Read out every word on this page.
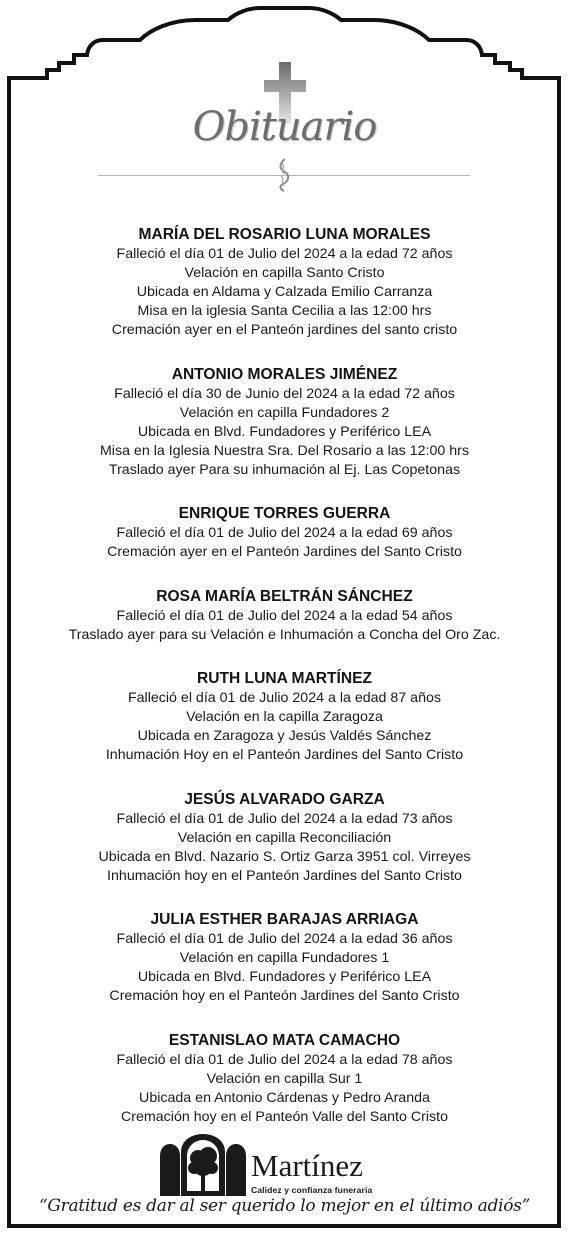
Obituario
MARÍA DEL ROSARIO LUNA MORALES
Falleció el día 01 de Julio del 2024 a la edad 72 años
Velación en capilla Santo Cristo
Ubicada en Aldama y Calzada Emilio Carranza
Misa en la iglesia Santa Cecilia a las 12:00 hrs
Cremación ayer en el Panteón jardines del santo cristo
ANTONIO MORALES JIMÉNEZ
Falleció el día 30 de Junio del 2024 a la edad 72 años
Velación en capilla Fundadores 2
Ubicada en Blvd. Fundadores y Periférico LEA
Misa en la Iglesia Nuestra Sra. Del Rosario a las 12:00 hrs
Traslado ayer Para su inhumación al Ej. Las Copetonas
ENRIQUE TORRES GUERRA
Falleció el día 01 de Julio del 2024 a la edad 69 años
Cremación ayer en el Panteón Jardines del Santo Cristo
ROSA MARÍA BELTRÁN SÁNCHEZ
Falleció el día 01 de Julio del 2024 a la edad 54 años
Traslado ayer para su Velación e Inhumación a Concha del Oro Zac.
RUTH LUNA MARTÍNEZ
Falleció el día 01 de Julio 2024 a la edad 87 años
Velación en la capilla Zaragoza
Ubicada en Zaragoza y Jesús Valdés Sánchez
Inhumación Hoy en el Panteón Jardines del Santo Cristo
JESÚS ALVARADO GARZA
Falleció el día 01 de Julio del 2024 a la edad 73 años
Velación en capilla Reconciliación
Ubicada en Blvd. Nazario S. Ortiz Garza 3951 col. Virreyes
Inhumación hoy en el Panteón Jardines del Santo Cristo
JULIA ESTHER BARAJAS ARRIAGA
Falleció el día 01 de Julio del 2024 a la edad 36 años
Velación en capilla Fundadores 1
Ubicada en Blvd. Fundadores y Periférico LEA
Cremación hoy en el Panteón Jardines del Santo Cristo
ESTANISLAO MATA CAMACHO
Falleció el día 01 de Julio del 2024 a la edad 78 años
Velación en capilla Sur 1
Ubicada en Antonio Cárdenas y Pedro Aranda
Cremación hoy en el Panteón Valle del Santo Cristo
Martínez
Calidez y confianza funeraria
“Gratitud es dar al ser querido lo mejor en el último adiós”
